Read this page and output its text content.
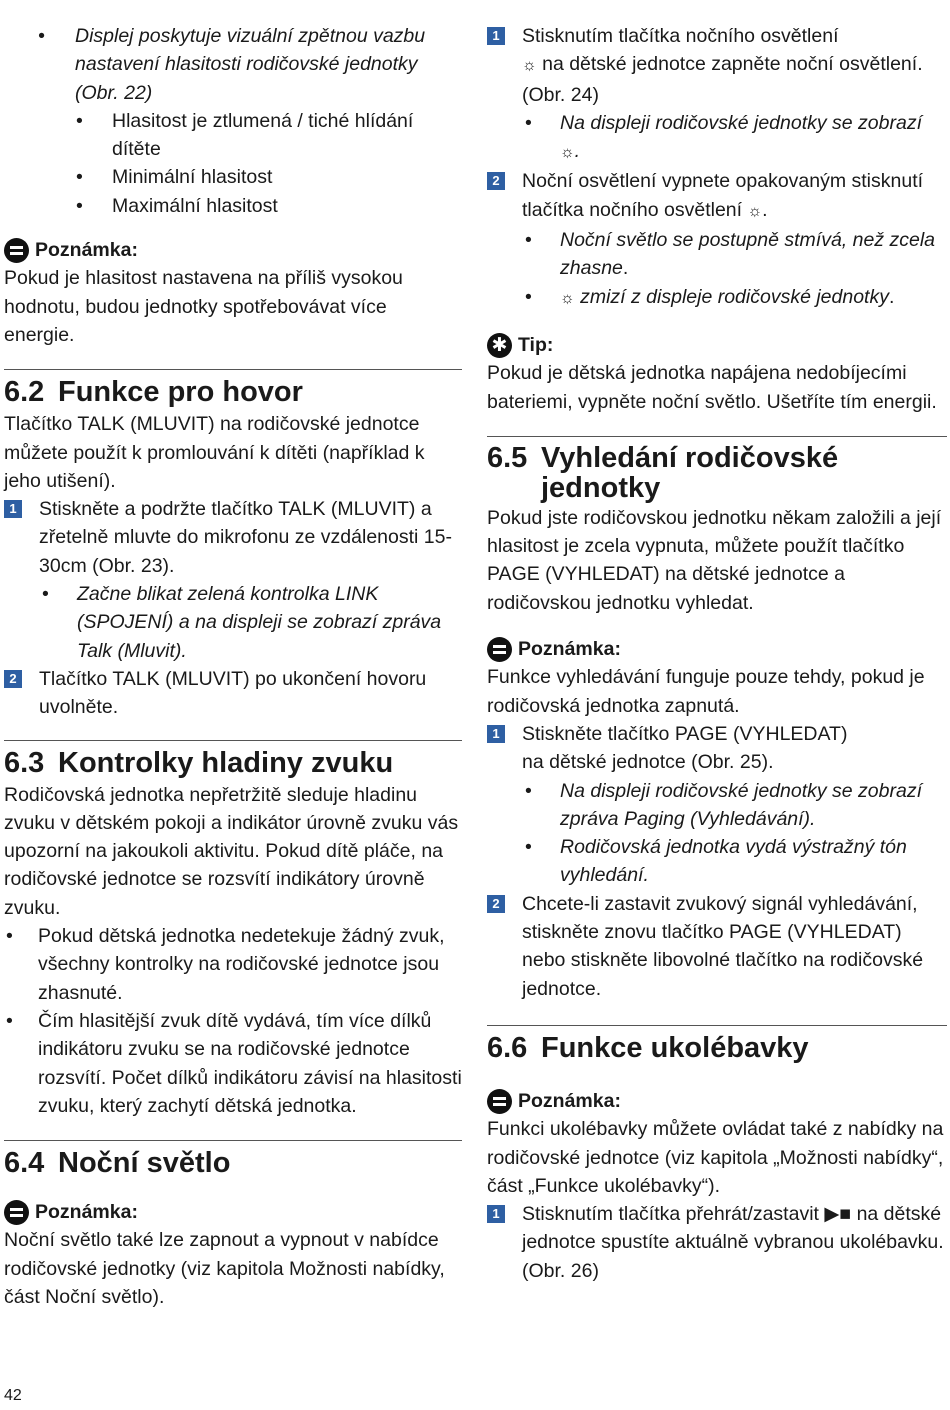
• Displej poskytuje vizuální zpětnou vazbu nastavení hlasitosti rodičovské jednotky (Obr. 22)

• Hlasitost je ztlumená / tiché hlídání dítěte

• Minimální hlasitost

• Maximální hlasitost

Poznámka:

Pokud je hlasitost nastavena na příliš vysokou hodnotu, budou jednotky spotřebovávat více energie.

6.2 Funkce pro hovor

Tlačítko TALK (MLUVIT) na rodičovské jednotce můžete použít k promlouvání k dítěti (například k jeho utišení).

1 Stiskněte a podržte tlačítko TALK (MLUVIT) a zřetelně mluvte do mikrofonu ze vzdálenosti 15-30cm (Obr. 23).

• Začne blikat zelená kontrolka LINK (SPOJENÍ) a na displeji se zobrazí zpráva Talk (Mluvit).

2 Tlačítko TALK (MLUVIT) po ukončení hovoru uvolněte.
6.3 Kontrolky hladiny zvuku

Rodičovská jednotka nepřetržitě sleduje hladinu zvuku v dětském pokoji a indikátor úrovně zvuku vás upozorní na jakoukoli aktivitu. Pokud dítě pláče, na rodičovské jednotce se rozsvítí indikátory úrovně zvuku.

• Pokud dětská jednotka nedetekuje žádný zvuk, všechny kontrolky na rodičovské jednotce jsou zhasnuté.

• Čím hlasitější zvuk dítě vydává, tím více dílků indikátoru zvuku se na rodičovské jednotce rozsvítí. Počet dílků indikátoru závisí na hlasitosti zvuku, který zachytí dětská jednotka.

6.4 Noční světlo
Poznámka:

Noční světlo také lze zapnout a vypnout v nabídce rodičovské jednotky (viz kapitola Možnosti nabídky, část Noční světlo).

1 Stisknutím tlačítka nočního osvětlení
☼ na dětské jednotce zapněte noční osvětlení. (Obr. 24)

• Na displeji rodičovské jednotky se zobrazí ☼.

2 Noční osvětlení vypnete opakovaným stisknutí tlačítka nočního osvětlení ☼.

• Noční světlo se postupně stmívá, než zcela zhasne.

• ☼ zmizí z displeje rodičovské jednotky.

✱ Tip:

Pokud je dětská jednotka napájena nedobíjecími bateriemi, vypněte noční světlo. Ušetříte tím energii.

6.5 Vyhledání rodičovské jednotky

Pokud jste rodičovskou jednotku někam založili a její hlasitost je zcela vypnuta, můžete použít tlačítko PAGE (VYHLEDAT) na dětské jednotce a rodičovskou jednotku vyhledat.

Poznámka:

Funkce vyhledávání funguje pouze tehdy, pokud je rodičovská jednotka zapnutá.

1 Stiskněte tlačítko PAGE (VYHLEDAT) na dětské jednotce (Obr. 25).

• Na displeji rodičovské jednotky se zobrazí zpráva Paging (Vyhledávání).

• Rodičovská jednotka vydá výstražný tón vyhledání.

2 Chcete-li zastavit zvukový signál vyhledávání, stiskněte znovu tlačítko PAGE (VYHLEDAT) nebo stiskněte libovolné tlačítko na rodičovské jednotce.
6.6 Funkce ukolébavky
Poznámka:

Funkci ukolébavky můžete ovládat také z nabídky na rodičovské jednotce (viz kapitola „Možnosti nabídky“, část „Funkce ukolébavky“).

1 Stisknutím tlačítka přehrát/zastavit ▶■ na dětské jednotce spustíte aktuálně vybranou ukolébavku. (Obr. 26)
42
